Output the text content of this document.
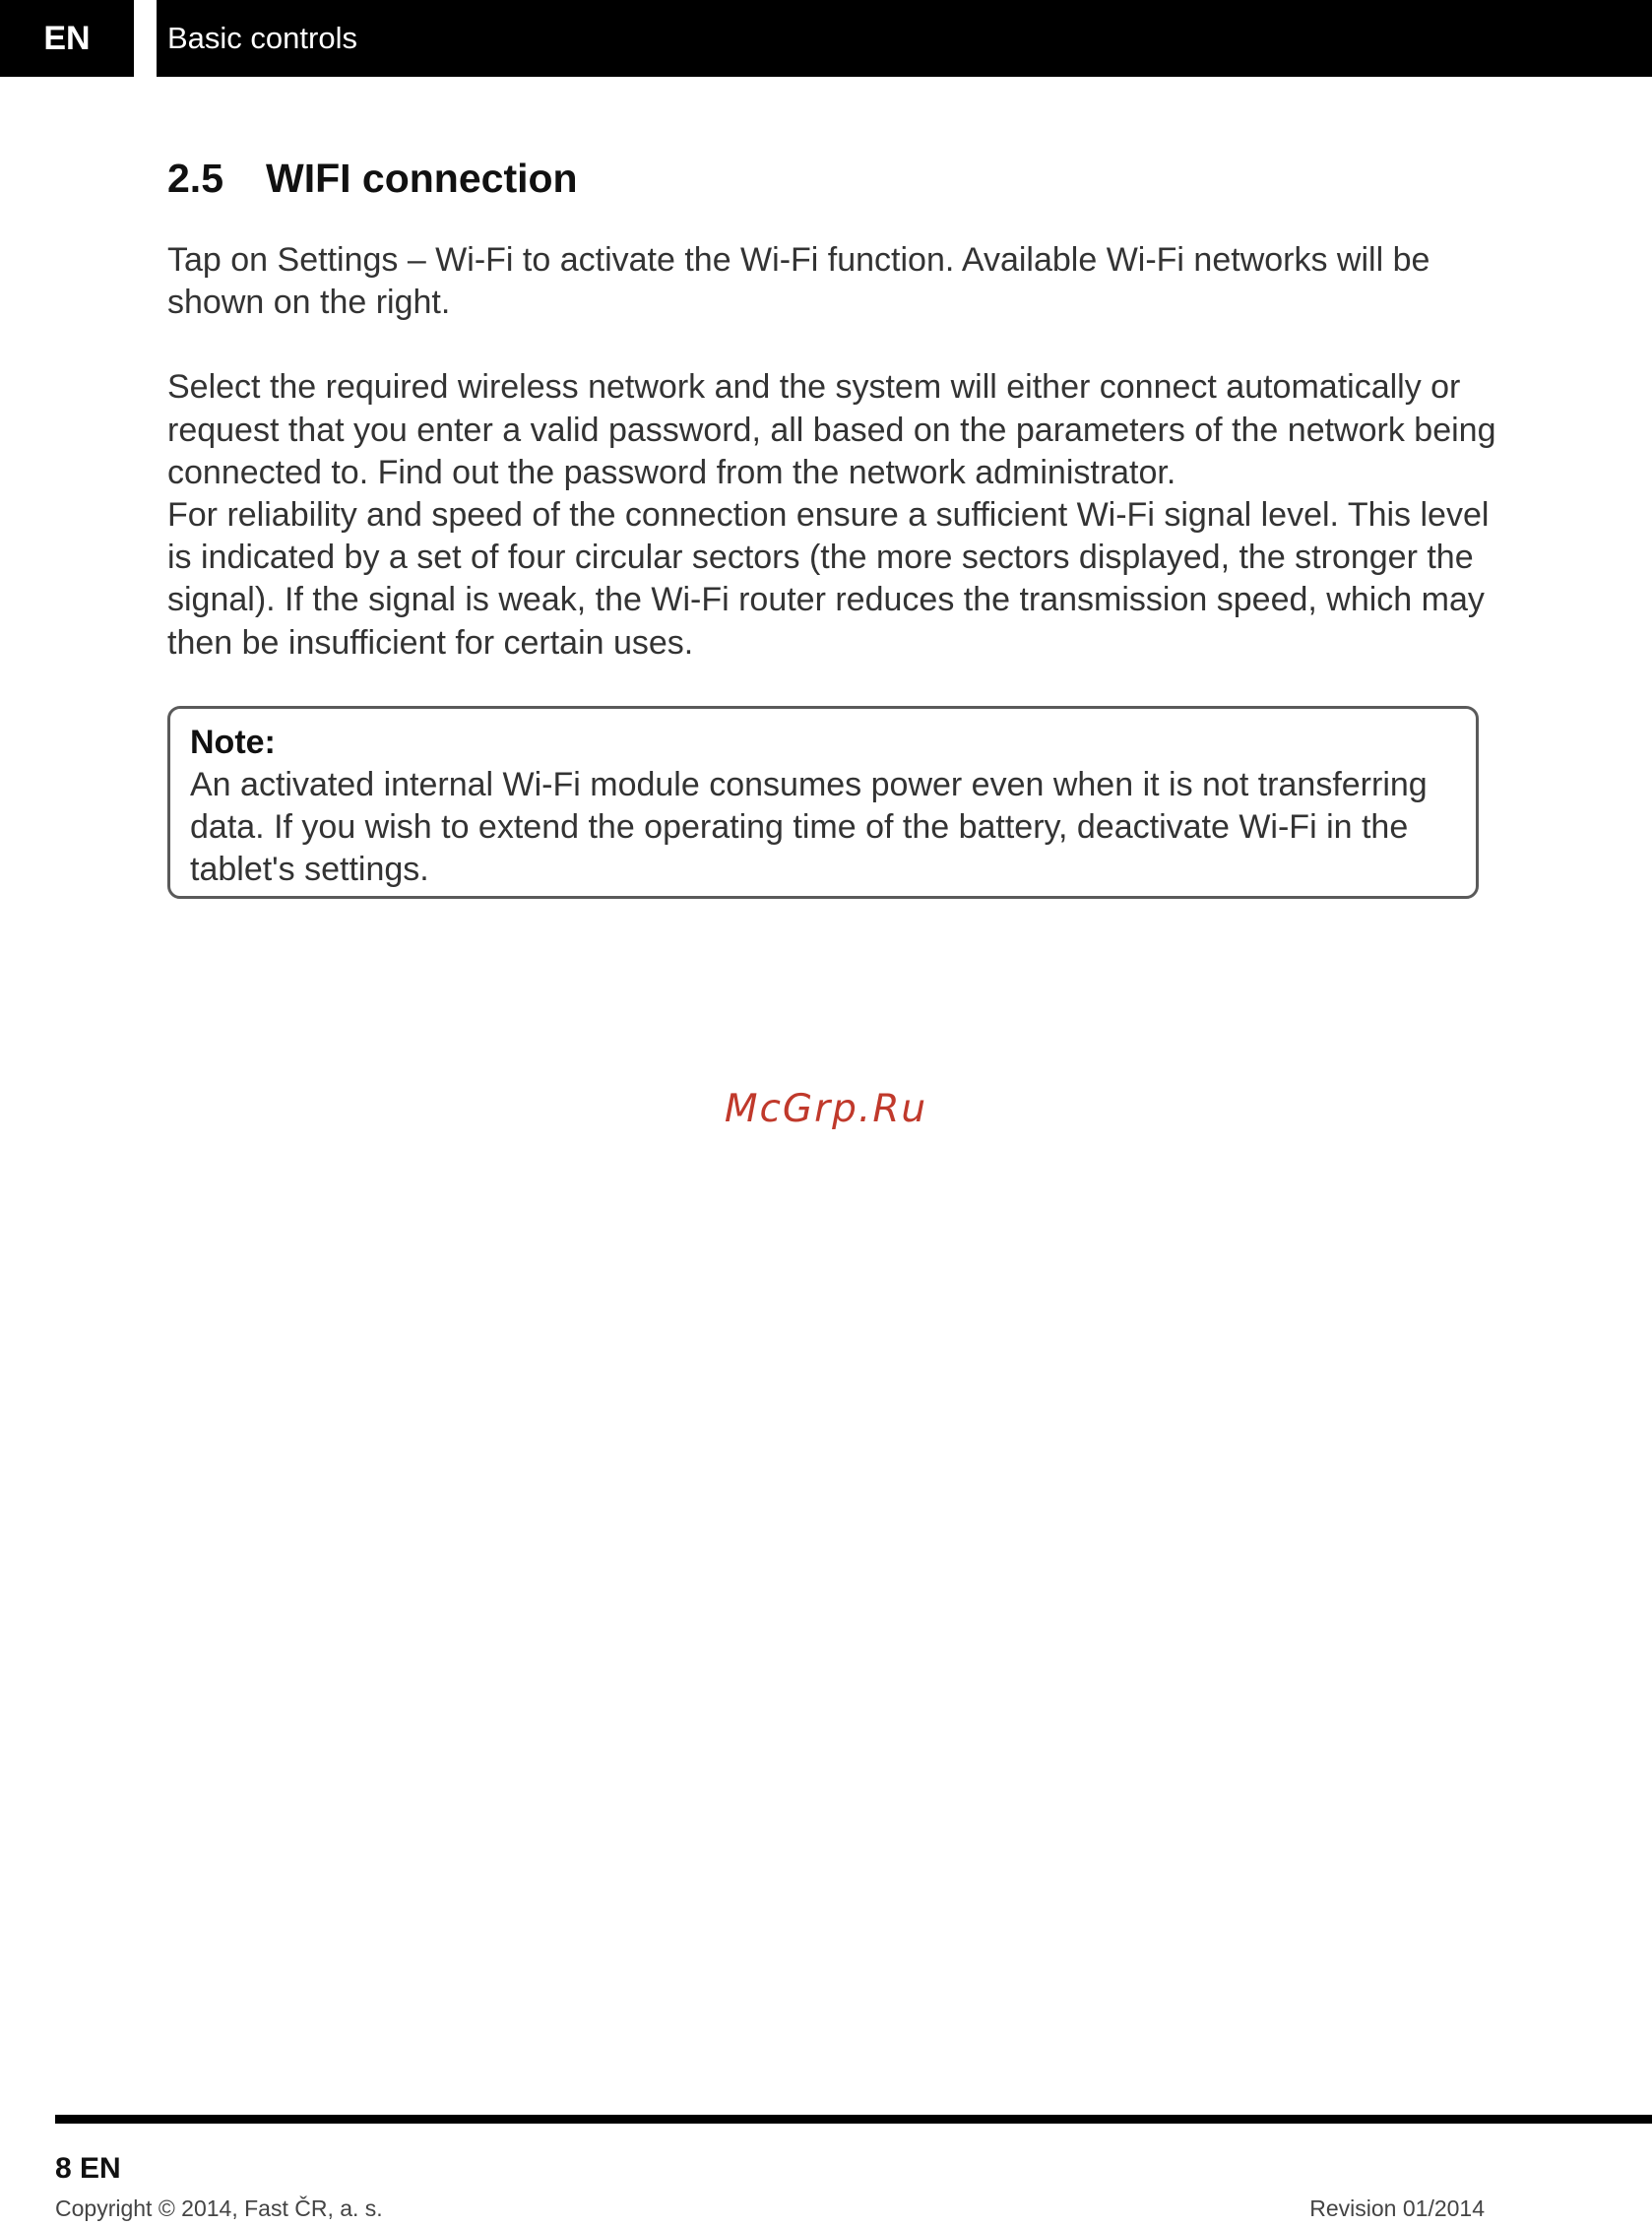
EN	Basic controls
2.5 WIFI connection

Tap on Settings – Wi-Fi to activate the Wi-Fi function. Available Wi-Fi networks will be shown on the right.

Select the required wireless network and the system will either connect automatically or request that you enter a valid password, all based on the parameters of the network being connected to. Find out the password from the network administrator.

For reliability and speed of the connection ensure a sufficient Wi-Fi signal level. This level is indicated by a set of four circular sectors (the more sectors displayed, the stronger the signal). If the signal is weak, the Wi-Fi router reduces the transmission speed, which may then be insufficient for certain uses.

Note:
An activated internal Wi-Fi module consumes power even when it is not transferring data. If you wish to extend the operating time of the battery, deactivate Wi-Fi in the tablet's settings.
McGrp.Ru
8 EN
Copyright © 2014, Fast ČR, a. s.	Revision 01/2014
